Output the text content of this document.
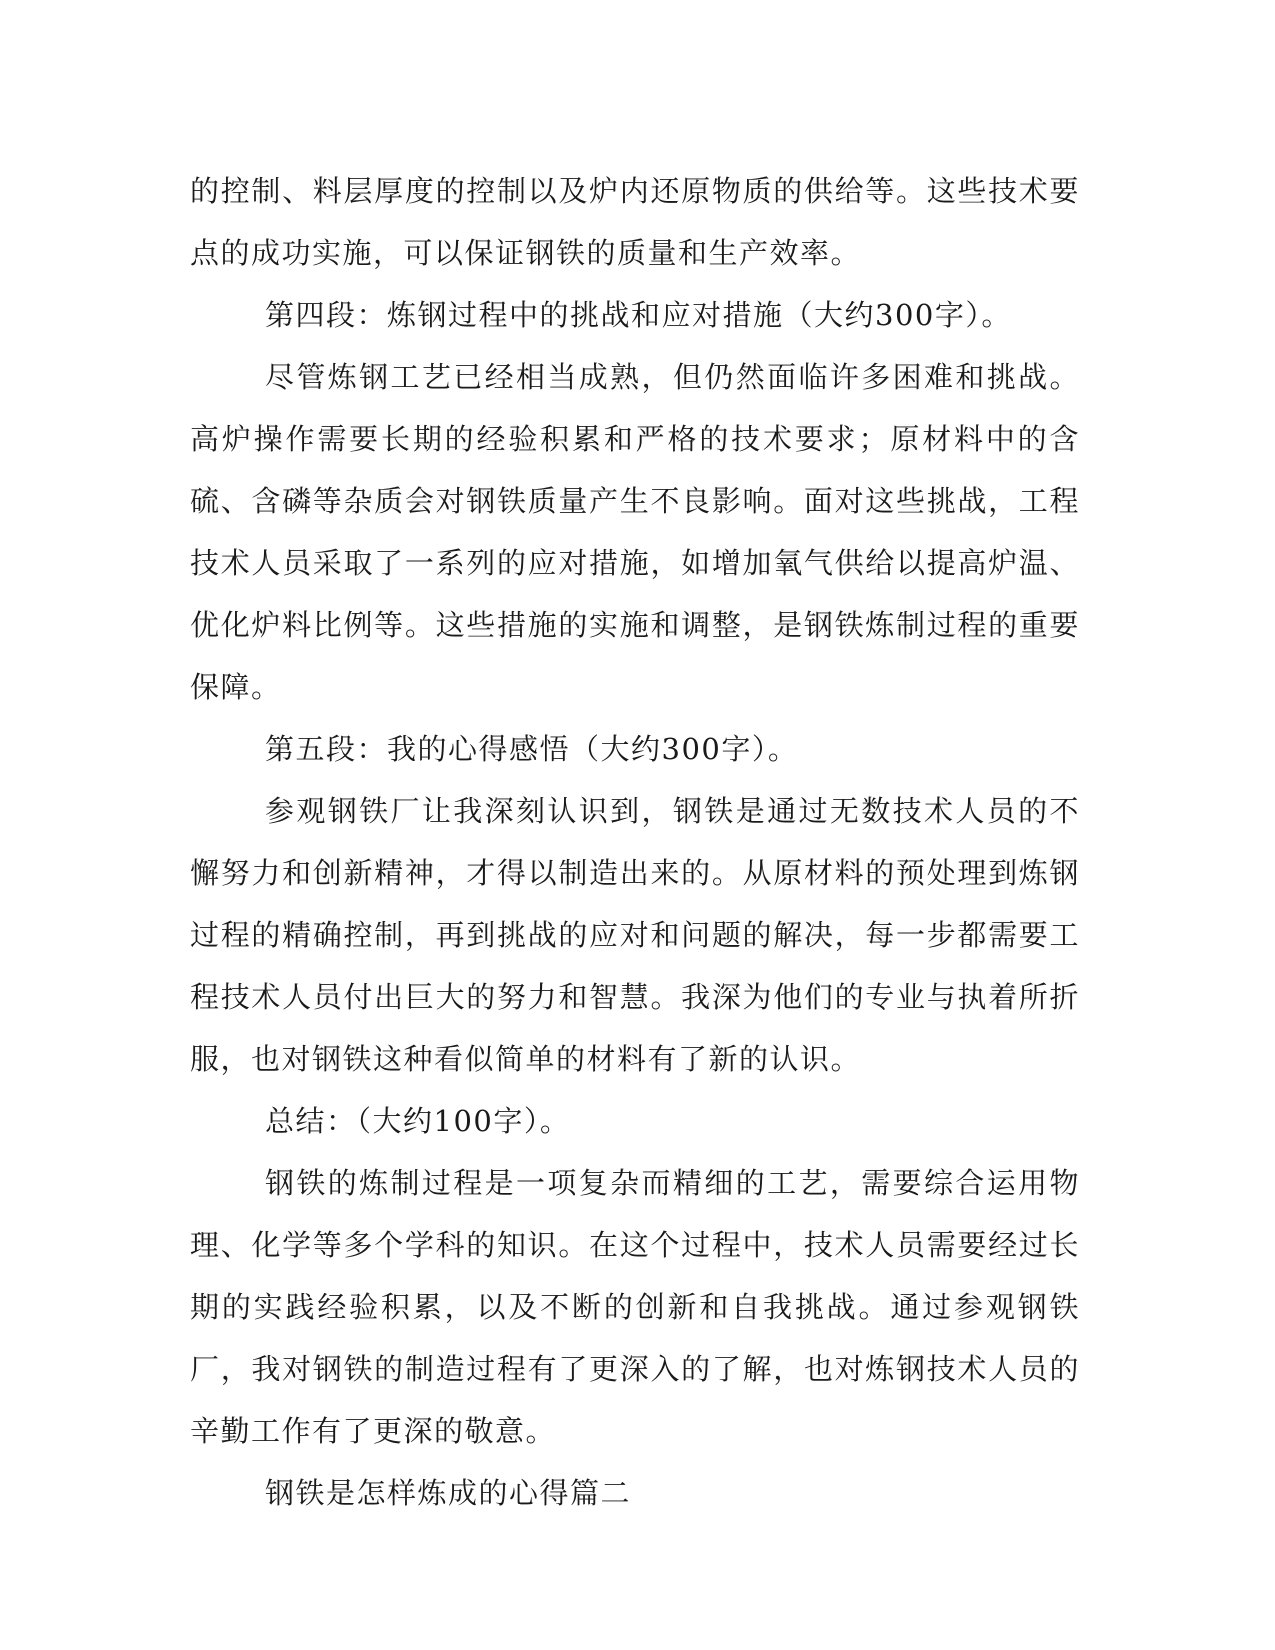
的控制、料层厚度的控制以及炉内还原物质的供给等。这些技术要点的成功实施，可以保证钢铁的质量和生产效率。

第四段：炼钢过程中的挑战和应对措施（大约300字）。

尽管炼钢工艺已经相当成熟，但仍然面临许多困难和挑战。高炉操作需要长期的经验积累和严格的技术要求；原材料中的含硫、含磷等杂质会对钢铁质量产生不良影响。面对这些挑战，工程技术人员采取了一系列的应对措施，如增加氧气供给以提高炉温、优化炉料比例等。这些措施的实施和调整，是钢铁炼制过程的重要保障。

第五段：我的心得感悟（大约300字）。

参观钢铁厂让我深刻认识到，钢铁是通过无数技术人员的不懈努力和创新精神，才得以制造出来的。从原材料的预处理到炼钢过程的精确控制，再到挑战的应对和问题的解决，每一步都需要工程技术人员付出巨大的努力和智慧。我深为他们的专业与执着所折服，也对钢铁这种看似简单的材料有了新的认识。

总结：（大约100字）。

钢铁的炼制过程是一项复杂而精细的工艺，需要综合运用物理、化学等多个学科的知识。在这个过程中，技术人员需要经过长期的实践经验积累，以及不断的创新和自我挑战。通过参观钢铁厂，我对钢铁的制造过程有了更深入的了解，也对炼钢技术人员的辛勤工作有了更深的敬意。

钢铁是怎样炼成的心得篇二
